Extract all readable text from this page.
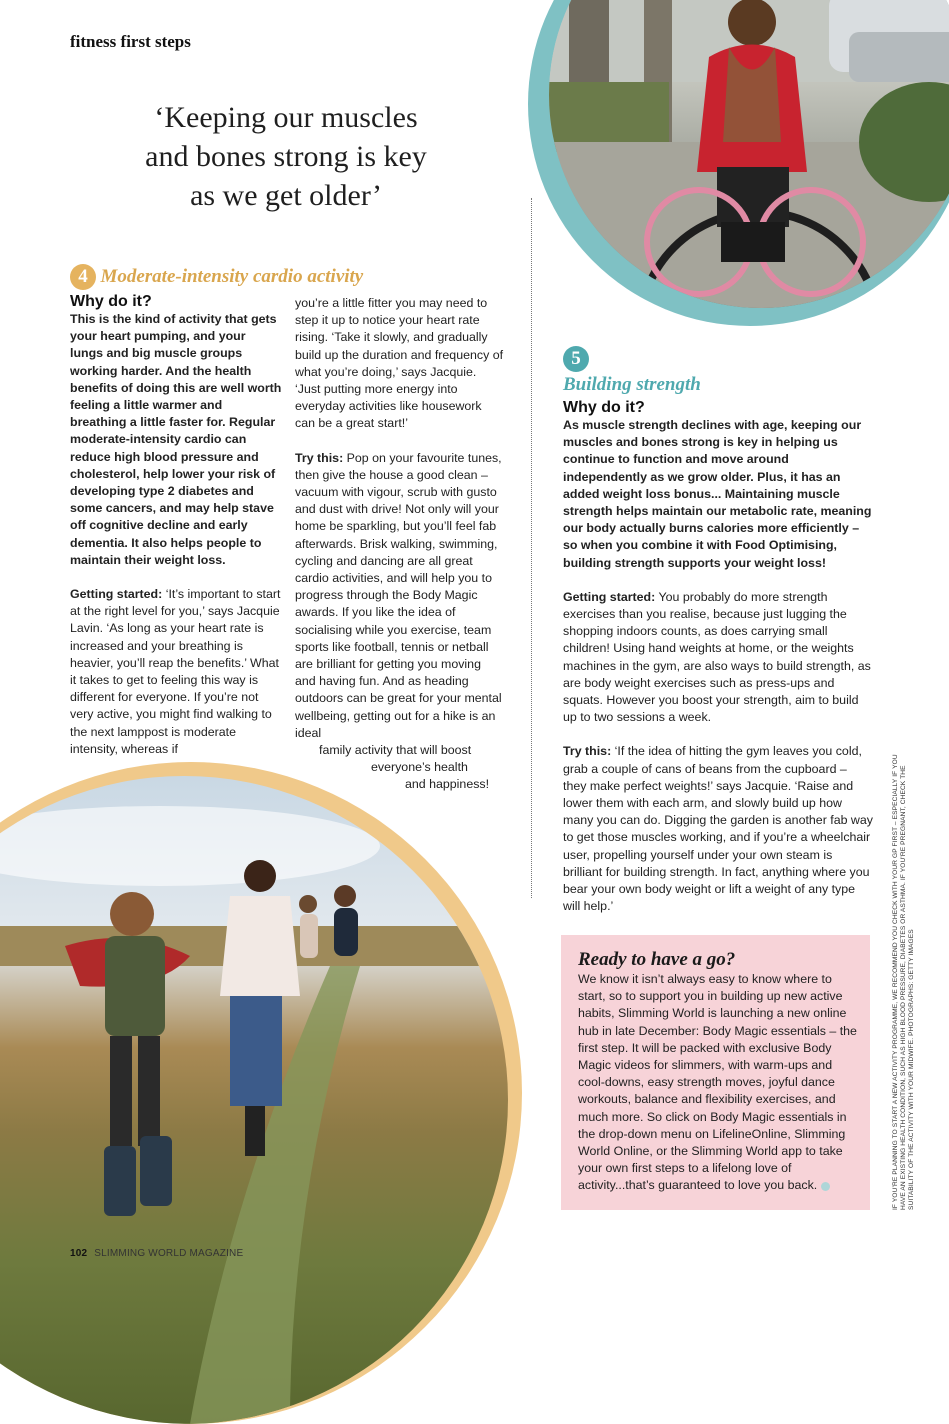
fitness first steps
‘Keeping our muscles
and bones strong is key
as we get older’
4 Moderate-intensity cardio activity
Why do it?

This is the kind of activity that gets your heart pumping, and your lungs and big muscle groups working harder. And the health benefits of doing this are well worth feeling a little warmer and breathing a little faster for. Regular moderate-intensity cardio can reduce high blood pressure and cholesterol, help lower your risk of developing type 2 diabetes and some cancers, and may help stave off cognitive decline and early dementia. It also helps people to maintain their weight loss.

Getting started: ‘It’s important to start at the right level for you,’ says Jacquie Lavin. ‘As long as your heart rate is increased and your breathing is heavier, you’ll reap the benefits.’ What it takes to get to feeling this way is different for everyone. If you’re not very active, you might find walking to the next lamppost is moderate intensity, whereas if

you’re a little fitter you may need to step it up to notice your heart rate rising. ‘Take it slowly, and gradually build up the duration and frequency of what you’re doing,’ says Jacquie. ‘Just putting more energy into everyday activities like housework can be a great start!’

Try this: Pop on your favourite tunes, then give the house a good clean – vacuum with vigour, scrub with gusto and dust with drive! Not only will your home be sparkling, but you’ll feel fab afterwards. Brisk walking, swimming, cycling and dancing are all great cardio activities, and will help you to progress through the Body Magic awards. If you like the idea of socialising while you exercise, team sports like football, tennis or netball are brilliant for getting you moving and having fun. And as heading outdoors can be great for your mental wellbeing, getting out for a hike is an ideal

family activity that will boost
everyone’s health
and happiness!
5
Building strength
Why do it?

As muscle strength declines with age, keeping our muscles and bones strong is key in helping us continue to function and move around independently as we grow older. Plus, it has an added weight loss bonus... Maintaining muscle strength helps maintain our metabolic rate, meaning our body actually burns calories more efficiently – so when you combine it with Food Optimising, building strength supports your weight loss!

Getting started: You probably do more strength exercises than you realise, because just lugging the shopping indoors counts, as does carrying small children! Using hand weights at home, or the weights machines in the gym, are also ways to build strength, as are body weight exercises such as press-ups and squats. However you boost your strength, aim to build up to two sessions a week.

Try this: ‘If the idea of hitting the gym leaves you cold, grab a couple of cans of beans from the cupboard – they make perfect weights!’ says Jacquie. ‘Raise and lower them with each arm, and slowly build up how many you can do. Digging the garden is another fab way to get those muscles working, and if you’re a wheelchair user, propelling yourself under your own steam is brilliant for building strength. In fact, anything where you bear your own body weight or lift a weight of any type will help.’

Ready to have a go?

We know it isn’t always easy to know where to start, so to support you in building up new active habits, Slimming World is launching a new online hub in late December: Body Magic essentials – the first step. It will be packed with exclusive Body Magic videos for slimmers, with warm-ups and cool-downs, easy strength moves, joyful dance workouts, balance and flexibility exercises, and much more. So click on Body Magic essentials in the drop-down menu on LifelineOnline, Slimming World Online, or the Slimming World app to take your own first steps to a lifelong love of activity...that’s guaranteed to love you back.	IF YOU’RE PLANNING TO START A NEW ACTIVITY PROGRAMME, WE RECOMMEND YOU CHECK WITH YOUR GP FIRST – ESPECIALLY IF YOU HAVE AN EXISTING HEALTH CONDITION, SUCH AS HIGH BLOOD PRESSURE, DIABETES OR ASTHMA. IF YOU’RE PREGNANT, CHECK THE SUITABILITY OF THE ACTIVITY WITH YOUR MIDWIFE. PHOTOGRAPHS: GETTY IMAGES
102 SLIMMING WORLD MAGAZINE
